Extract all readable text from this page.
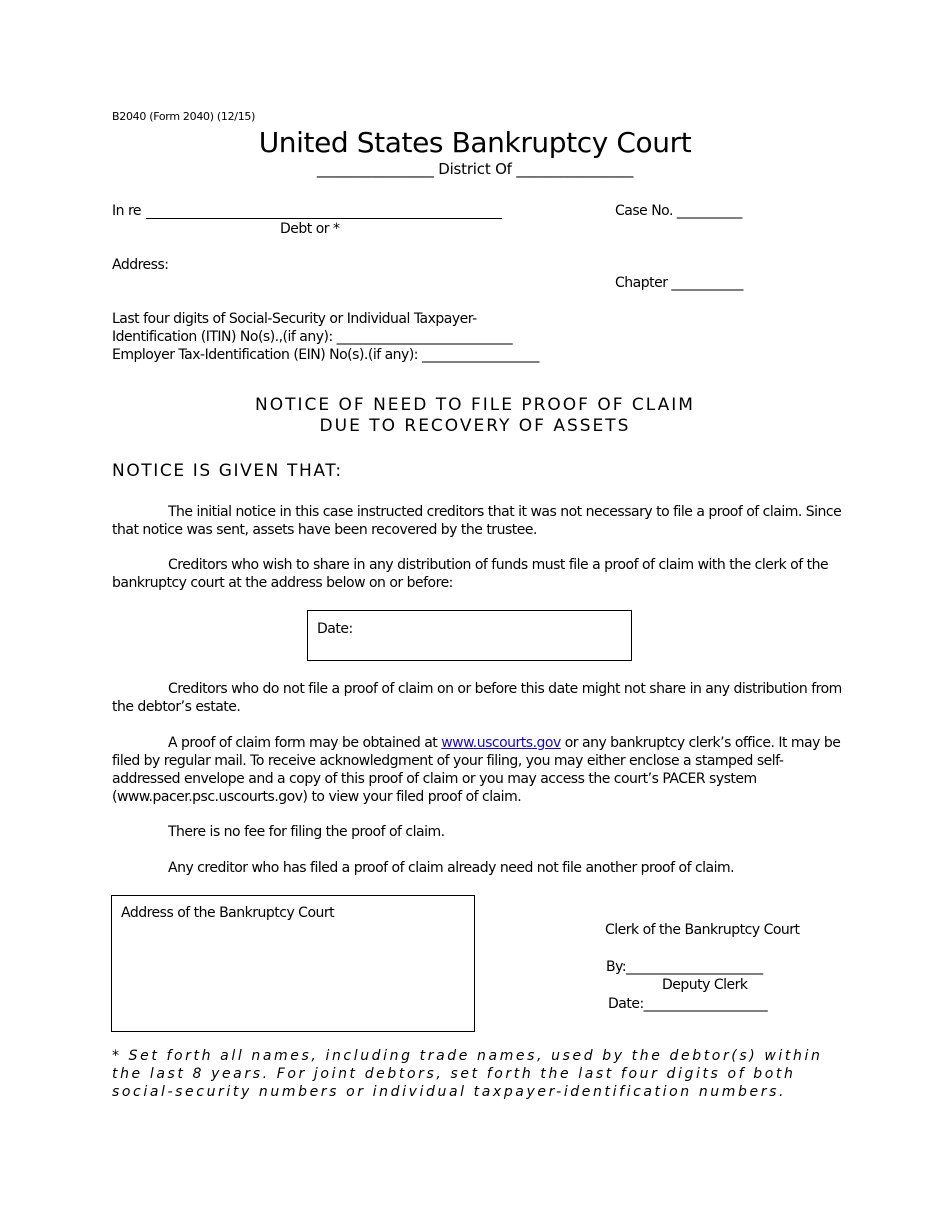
B2040 (Form 2040) (12/15)
United States Bankruptcy Court
________________ District Of ________________
In re
Debt or *
Case No. __________
Address:
Chapter ___________
Last four digits of Social-Security or Individual Taxpayer-
Identification (ITIN) No(s).,(if any): ___________________________
Employer Tax-Identification (EIN) No(s).(if any): __________________
NOTICE OF NEED TO FILE PROOF OF CLAIM
DUE TO RECOVERY OF ASSETS
NOTICE IS GIVEN THAT:
The initial notice in this case instructed creditors that it was not necessary to file a proof of claim. Since that notice was sent, assets have been recovered by the trustee.
Creditors who wish to share in any distribution of funds must file a proof of claim with the clerk of the bankruptcy court at the address below on or before:
Date:
Creditors who do not file a proof of claim on or before this date might not share in any distribution from the debtor’s estate.
A proof of claim form may be obtained at www.uscourts.gov or any bankruptcy clerk’s office. It may be filed by regular mail. To receive acknowledgment of your filing, you may either enclose a stamped self-addressed envelope and a copy of this proof of claim or you may access the court’s PACER system (www.pacer.psc.uscourts.gov) to view your filed proof of claim.
There is no fee for filing the proof of claim.
Any creditor who has filed a proof of claim already need not file another proof of claim.
Address of the Bankruptcy Court
Clerk of the Bankruptcy Court
By:_____________________
Deputy Clerk
Date:___________________
* Set forth all names, including trade names, used by the debtor(s) within
the last 8 years. For joint debtors, set forth the last four digits of both
social-security numbers or individual taxpayer-identification numbers.
